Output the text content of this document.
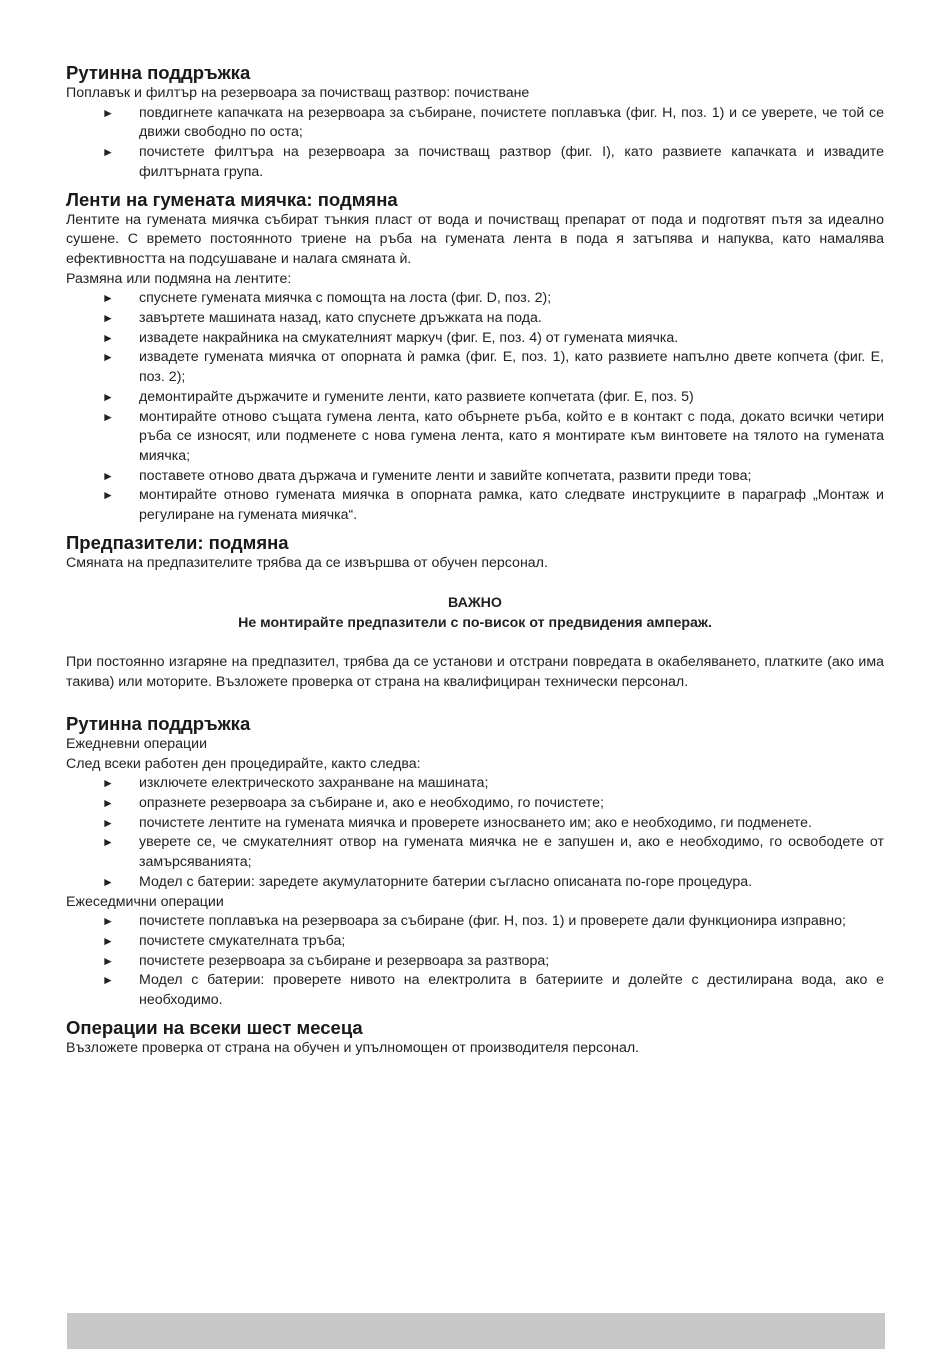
Рутинна поддръжка

Поплавък и филтър на резервоара за почистващ разтвор: почистване

► повдигнете капачката на резервоара за събиране, почистете поплавъка (фиг. H, поз. 1) и се уверете, че той се движи свободно по оста;
► почистете филтъра на резервоара за почистващ разтвор (фиг. I), като развиете капачката и извадите филтърната група.
Ленти на гумената миячка: подмяна

Лентите на гумената миячка събират тънкия пласт от вода и почистващ препарат от пода и подготвят пътя за идеално сушене. С времето постоянното триене на ръба на гумената лента в пода я затъпява и напуква, като намалява ефективността на подсушаване и налага смяната ѝ.

Размяна или подмяна на лентите:

► спуснете гумената миячка с помощта на лоста (фиг. D, поз. 2);
► завъртете машината назад, като спуснете дръжката на пода.
► извадете накрайника на смукателният маркуч (фиг. E, поз. 4) от гумената миячка.
► извадете гумената миячка от опорната ѝ рамка (фиг. E, поз. 1), като развиете напълно двете копчета (фиг. E, поз. 2);
► демонтирайте държачите и гумените ленти, като развиете копчетата (фиг. E, поз. 5)
► монтирайте отново същата гумена лента, като обърнете ръба, който е в контакт с пода, докато всички четири ръба се износят, или подменете с нова гумена лента, като я монтирате към винтовете на тялото на гумената миячка;
► поставете отново двата държача и гумените ленти и завийте копчетата, развити преди това;
► монтирайте отново гумената миячка в опорната рамка, като следвате инструкциите в параграф „Монтаж и регулиране на гумената миячка“.
Предпазители: подмяна

Смяната на предпазителите трябва да се извършва от обучен персонал.

ВАЖНО
Не монтирайте предпазители с по-висок от предвидения ампераж.

При постоянно изгаряне на предпазител, трябва да се установи и отстрани повредата в окабеляването, платките (ако има такива) или моторите. Възложете проверка от страна на квалифициран технически персонал.

Рутинна поддръжка

Ежедневни операции

След всеки работен ден процедирайте, както следва:

► изключете електрическото захранване на машината;
► опразнете резервоара за събиране и, ако е необходимо, го почистете;
► почистете лентите на гумената миячка и проверете износването им; ако е необходимо, ги подменете.
► уверете се, че смукателният отвор на гумената миячка не е запушен и, ако е необходимо, го освободете от замърсяванията;
► Модел с батерии: заредете акумулаторните батерии съгласно описаната по-горе процедура.

Ежеседмични операции

► почистете поплавъка на резервоара за събиране (фиг. H, поз. 1) и проверете дали функционира изправно;
► почистете смукателната тръба;
► почистете резервоара за събиране и резервоара за разтвора;
► Модел с батерии: проверете нивото на електролита в батериите и долейте с дестилирана вода, ако е необходимо.
Операции на всеки шест месеца

Възложете проверка от страна на обучен и упълномощен от производителя персонал.
